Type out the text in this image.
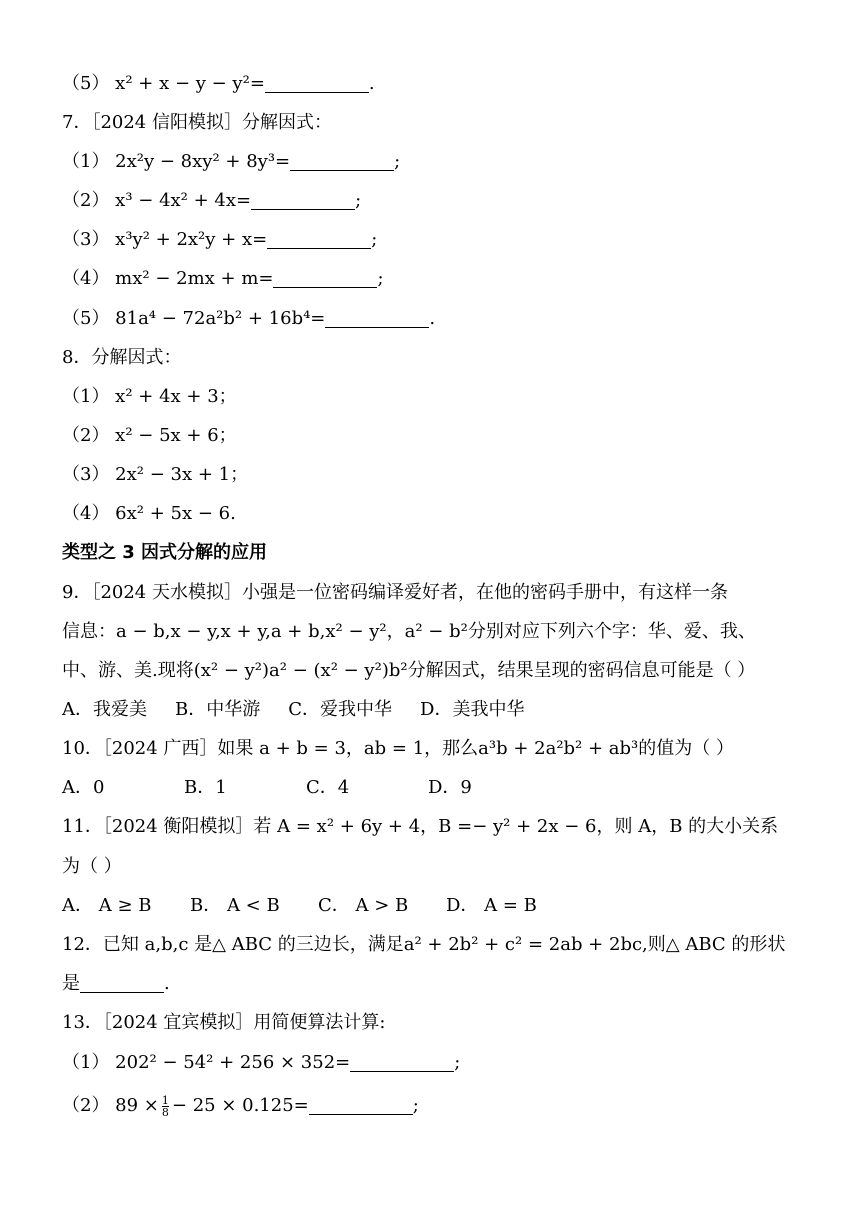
（5） x² + x − y − y²=	.
7．［2024 信阳模拟］分解因式：
（1） 2x²y − 8xy² + 8y³=	;
（2） x³ − 4x² + 4x=	;
（3） x³y² + 2x²y + x=	;
（4） mx² − 2mx + m=	;
（5） 81a⁴ − 72a²b² + 16b⁴=	.
8．分解因式：
（1） x² + 4x + 3；
（2） x² − 5x + 6；
（3） 2x² − 3x + 1；
（4） 6x² + 5x − 6.
类型之 3 因式分解的应用
9．［2024 天水模拟］小强是一位密码编译爱好者，在他的密码手册中，有这样一条
信息：a − b,x − y,x + y,a + b,x² − y²，a² − b²分别对应下列六个字：华、爱、我、
中、游、美.现将(x² − y²)a² − (x² − y²)b²分解因式，结果呈现的密码信息可能是（ ）
A．我爱美 B．中华游 C．爱我中华 D．美我中华
10．［2024 广西］如果 a + b = 3，ab = 1，那么a³b + 2a²b² + ab³的值为（ ）
A．0	B．1	C．4	D．9
11．［2024 衡阳模拟］若 A = x² + 6y + 4，B =− y² + 2x − 6，则 A，B 的大小关系
为（ ）
A． A ≥ B B． A < B C． A > B D． A = B
12．已知 a,b,c 是△ ABC 的三边长，满足a² + 2b² + c² = 2ab + 2bc,则△ ABC 的形状
是	.
13．［2024 宜宾模拟］用简便算法计算:
（1） 202² − 54² + 256 × 352=	;
（2） $89 \times \frac{1}{8} - 25 \times 0.125=$	;
